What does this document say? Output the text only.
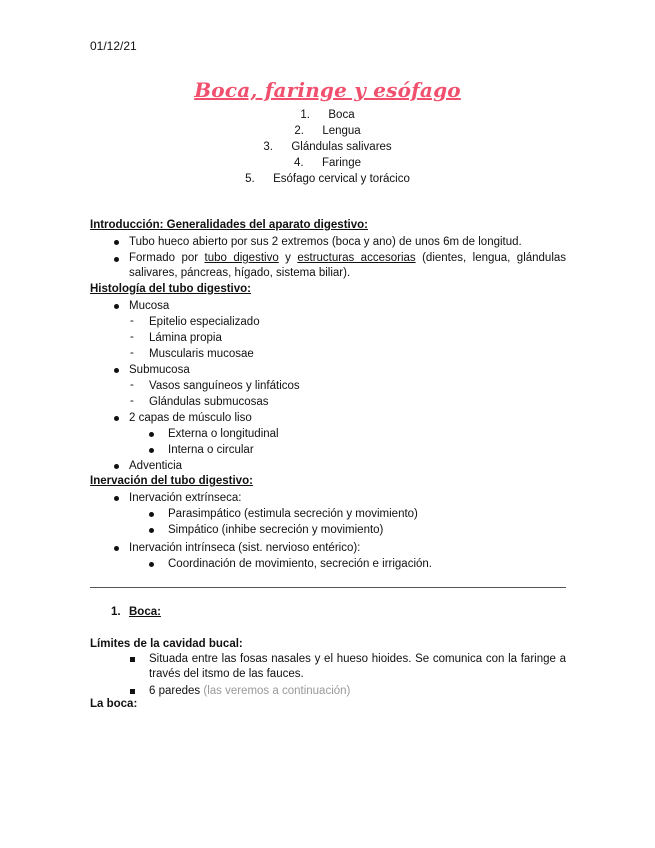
01/12/21
Boca, faringe y esófago
1. Boca
2. Lengua
3. Glándulas salivares
4. Faringe
5. Esófago cervical y torácico
Introducción: Generalidades del aparato digestivo:
Tubo hueco abierto por sus 2 extremos (boca y ano) de unos 6m de longitud.
Formado por tubo digestivo y estructuras accesorias (dientes, lengua, glándulas salivares, páncreas, hígado, sistema biliar).
Histología del tubo digestivo:
Mucosa
- Epitelio especializado
- Lámina propia
- Muscularis mucosae
Submucosa
- Vasos sanguíneos y linfáticos
- Glándulas submucosas
2 capas de músculo liso
Externa o longitudinal
Interna o circular
Adventicia
Inervación del tubo digestivo:
Inervación extrínseca:
Parasimpático (estimula secreción y movimiento)
Simpático (inhibe secreción y movimiento)
Inervación intrínseca (sist. nervioso entérico):
Coordinación de movimiento, secreción e irrigación.
1. Boca:
Límites de la cavidad bucal:
Situada entre las fosas nasales y el hueso hioides. Se comunica con la faringe a través del itsmo de las fauces.
6 paredes (las veremos a continuación)
La boca:
